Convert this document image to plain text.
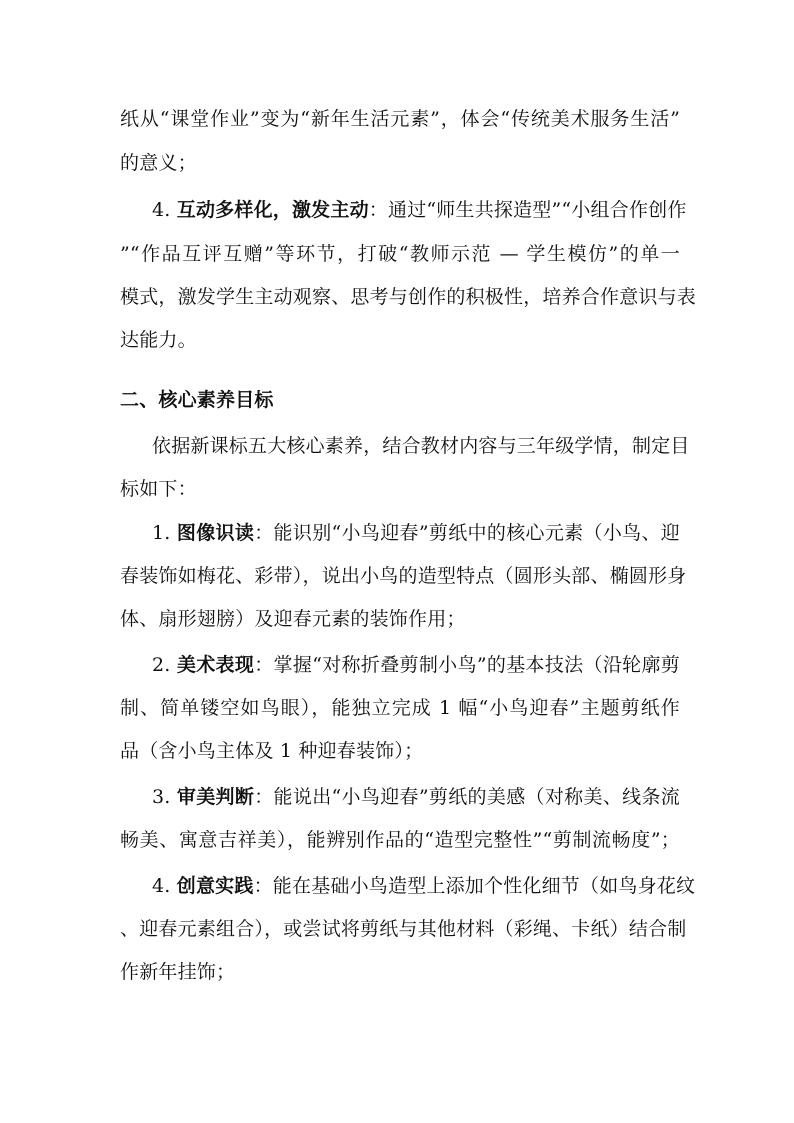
纸从“课堂作业”变为“新年生活元素”，体会“传统美术服务生活”
的意义；
4. 互动多样化，激发主动：通过“师生共探造型”“小组合作创作
”“作品互评互赠”等环节，打破“教师示范 — 学生模仿”的单一
模式，激发学生主动观察、思考与创作的积极性，培养合作意识与表
达能力。
二、核心素养目标
依据新课标五大核心素养，结合教材内容与三年级学情，制定目
标如下：
1. 图像识读：能识别“小鸟迎春”剪纸中的核心元素（小鸟、迎
春装饰如梅花、彩带），说出小鸟的造型特点（圆形头部、椭圆形身
体、扇形翅膀）及迎春元素的装饰作用；
2. 美术表现：掌握“对称折叠剪制小鸟”的基本技法（沿轮廓剪
制、简单镂空如鸟眼），能独立完成 1 幅“小鸟迎春”主题剪纸作
品（含小鸟主体及 1 种迎春装饰）；
3. 审美判断：能说出“小鸟迎春”剪纸的美感（对称美、线条流
畅美、寓意吉祥美），能辨别作品的“造型完整性”“剪制流畅度”；
4. 创意实践：能在基础小鸟造型上添加个性化细节（如鸟身花纹
、迎春元素组合），或尝试将剪纸与其他材料（彩绳、卡纸）结合制
作新年挂饰；
